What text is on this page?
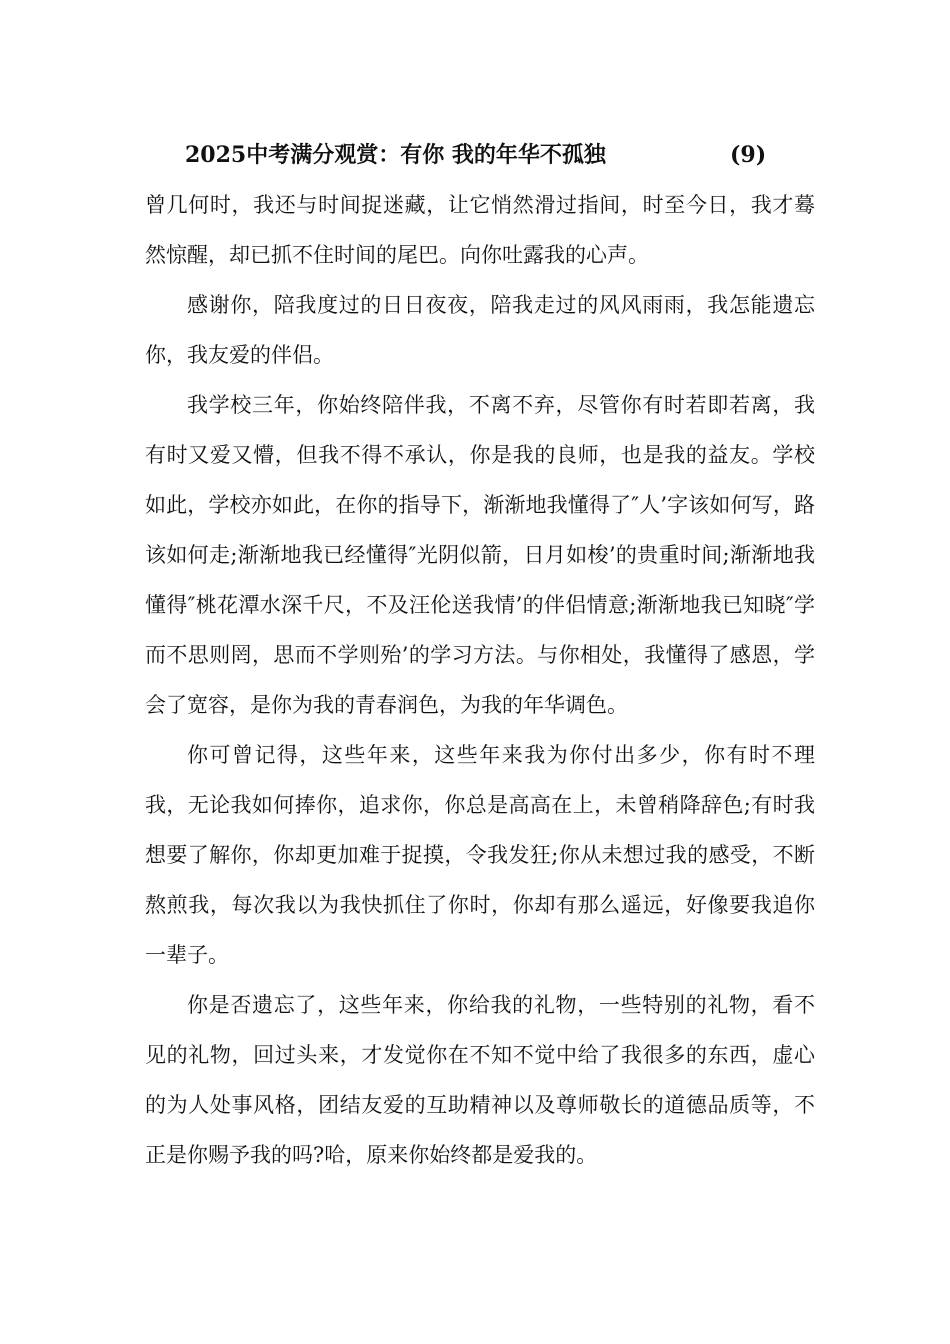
2025中考满分观赏：有你 我的年华不孤独	(9)

曾几何时，我还与时间捉迷藏，让它悄然滑过指间，时至今日，我才蓦然惊醒，却已抓不住时间的尾巴。向你吐露我的心声。

感谢你，陪我度过的日日夜夜，陪我走过的风风雨雨，我怎能遗忘你，我友爱的伴侣。

我学校三年，你始终陪伴我，不离不弃，尽管你有时若即若离，我有时又爱又懵，但我不得不承认，你是我的良师，也是我的益友。学校如此，学校亦如此，在你的指导下，渐渐地我懂得了″人’字该如何写，路该如何走;渐渐地我已经懂得″光阴似箭，日月如梭’的贵重时间;渐渐地我懂得″桃花潭水深千尺，不及汪伦送我情’的伴侣情意;渐渐地我已知晓″学而不思则罔，思而不学则殆’的学习方法。与你相处，我懂得了感恩，学会了宽容，是你为我的青春润色，为我的年华调色。

你可曾记得，这些年来，这些年来我为你付出多少，你有时不理我，无论我如何捧你，追求你，你总是高高在上，未曾稍降辞色;有时我想要了解你，你却更加难于捉摸，令我发狂;你从未想过我的感受，不断熬煎我，每次我以为我快抓住了你时，你却有那么遥远，好像要我追你一辈子。

你是否遗忘了，这些年来，你给我的礼物，一些特别的礼物，看不见的礼物，回过头来，才发觉你在不知不觉中给了我很多的东西，虚心的为人处事风格，团结友爱的互助精神以及尊师敬长的道德品质等，不正是你赐予我的吗?哈，原来你始终都是爱我的。
